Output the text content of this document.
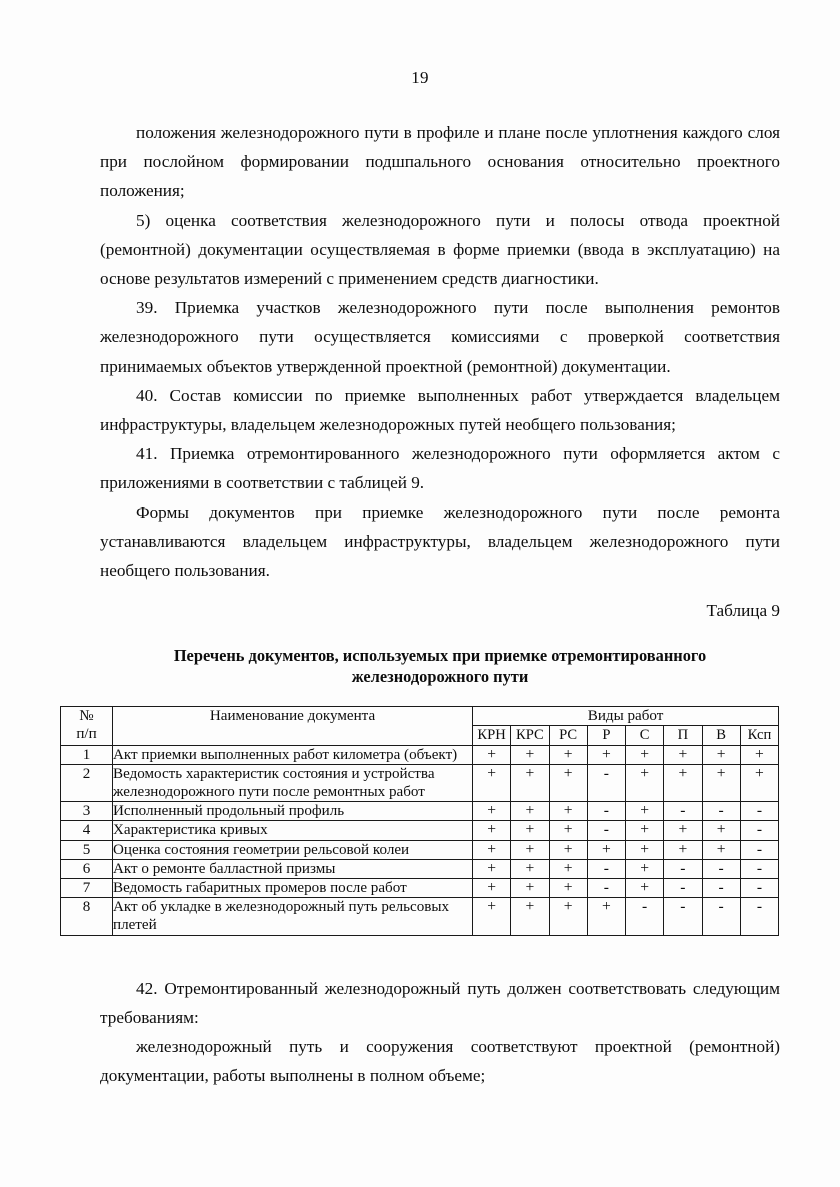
19

положения железнодорожного пути в профиле и плане после уплотнения каждого слоя при послойном формировании подшпального основания относительно проектного положения;

5) оценка соответствия железнодорожного пути и полосы отвода проектной (ремонтной) документации осуществляемая в форме приемки (ввода в эксплуатацию) на основе результатов измерений с применением средств диагностики.

39. Приемка участков железнодорожного пути после выполнения ремонтов железнодорожного пути осуществляется комиссиями с проверкой соответствия принимаемых объектов утвержденной проектной (ремонтной) документации.

40. Состав комиссии по приемке выполненных работ утверждается владельцем инфраструктуры, владельцем железнодорожных путей необщего пользования;

41. Приемка отремонтированного железнодорожного пути оформляется актом с приложениями в соответствии с таблицей 9.

Формы документов при приемке железнодорожного пути после ремонта устанавливаются владельцем инфраструктуры, владельцем железнодорожного пути необщего пользования.

Таблица 9
Перечень документов, используемых при приемке отремонтированного
железнодорожного пути
№
п/п	Наименование документа	Виды работ							
		КРН	КРС	РС	Р	С	П	В	Ксп
1	Акт приемки выполненных работ километра (объект)	+	+	+	+	+	+	+	+
2	Ведомость характеристик состояния и устройства железнодорожного пути после ремонтных работ	+	+	+	-	+	+	+	+
3	Исполненный продольный профиль	+	+	+	-	+	-	-	-
4	Характеристика кривых	+	+	+	-	+	+	+	-
5	Оценка состояния геометрии рельсовой колеи	+	+	+	+	+	+	+	-
6	Акт о ремонте балластной призмы	+	+	+	-	+	-	-	-
7	Ведомость габаритных промеров после работ	+	+	+	-	+	-	-	-
8	Акт об укладке в железнодорожный путь рельсовых плетей	+	+	+	+	-	-	-	-

42. Отремонтированный железнодорожный путь должен соответствовать следующим требованиям:

железнодорожный путь и сооружения соответствуют проектной (ремонтной) документации, работы выполнены в полном объеме;
